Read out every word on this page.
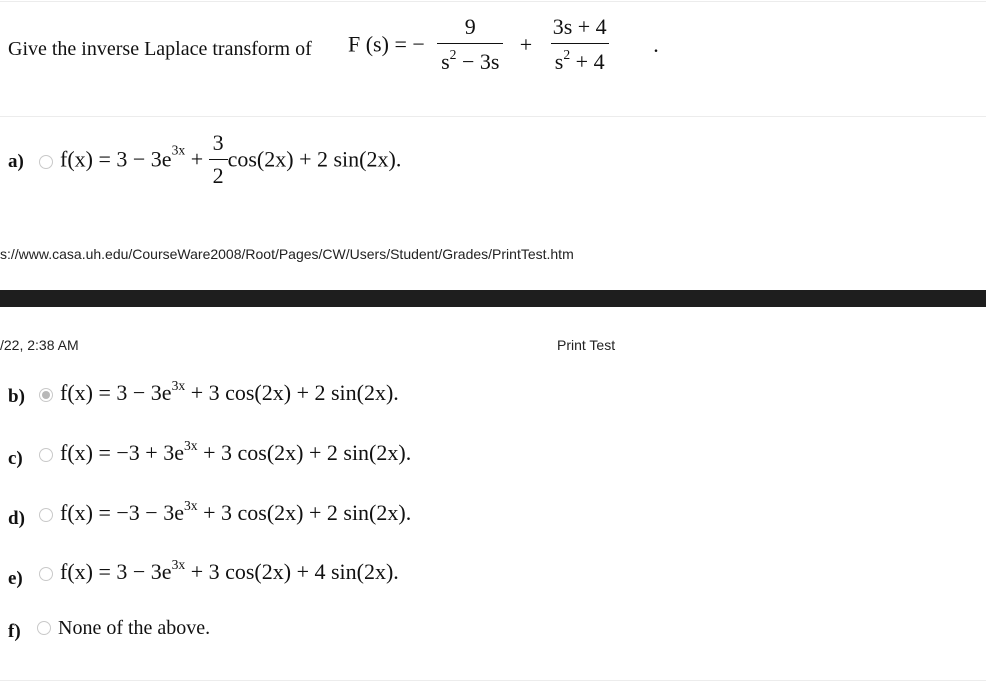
Give the inverse Laplace transform of F (s) = − $\frac{9}{s^2 - 3s} + \frac{3s + 4}{s^2 + 4}$ .
a) $f(x) = 3 - 3e^{3x} + \frac{3}{2} \cos(2x) + 2$ sin(2x).
s://www.casa.uh.edu/CourseWare2008/Root/Pages/CW/Users/Student/Grades/PrintTest.htm
/22, 2:38 AM	Print Test
b) $f(x) = 3 - 3e^{3x} + 3$ cos(2x) + 2 sin(2x).
c) $f(x) = -3 + 3e^{3x} + 3$ cos(2x) + 2 sin(2x).
d) $f(x) = -3 - 3e^{3x} + 3$ cos(2x) + 2 sin(2x).
e) $f(x) = 3 - 3e^{3x} + 3$ cos(2x) + 4 sin(2x).
f) None of the above.
